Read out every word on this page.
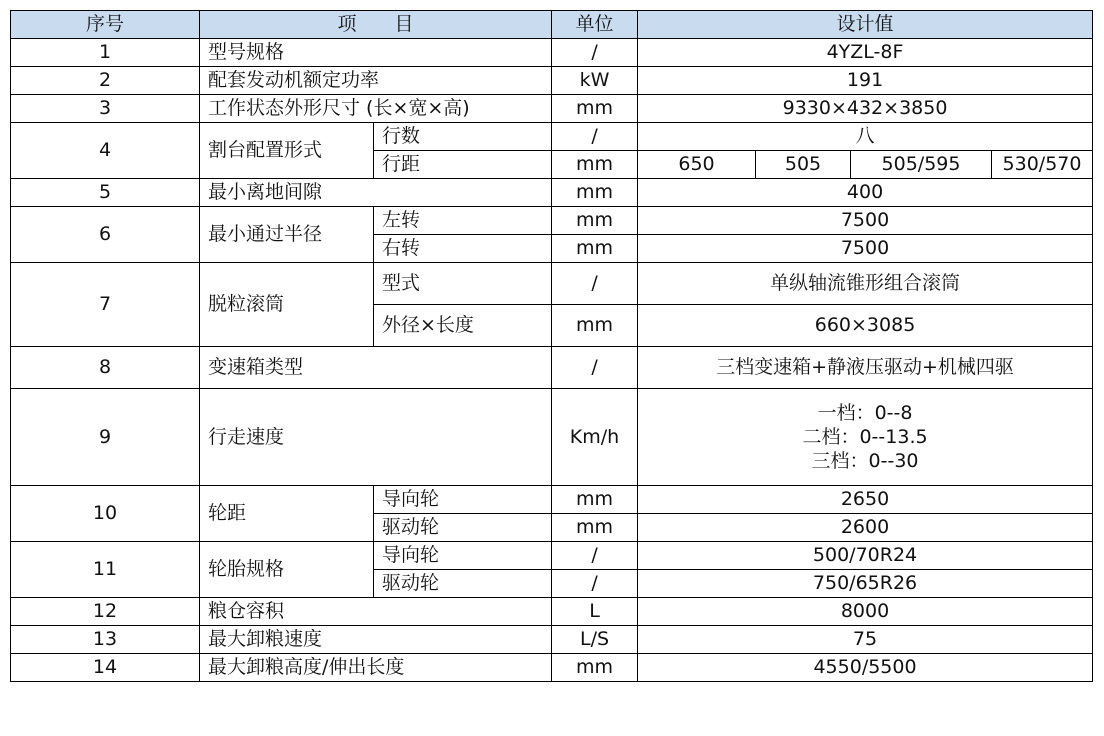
序号	项　　目		单位	设计值			
1	型号规格		/	4YZL-8F			
2	配套发动机额定功率		kW	191			
3	工作状态外形尺寸 (长×宽×高)		mm	9330×432×3850			
4	割台配置形式	行数	/	八			
		行距	mm	650	505	505/595	530/570
5	最小离地间隙		mm	400			
6	最小通过半径	左转	mm	7500			
		右转	mm	7500			
7	脱粒滚筒	型式	/	单纵轴流锥形组合滚筒			
		外径×长度	mm	660×3085			
8	变速箱类型		/	三档变速箱+静液压驱动+机械四驱			
9	行走速度		Km/h	一档：0--8
二档：0--13.5
三档：0--30			

10	轮距	导向轮	mm	2650			
		驱动轮	mm	2600			
11	轮胎规格	导向轮	/	500/70R24			
		驱动轮	/	750/65R26			
12	粮仓容积		L	8000			
13	最大卸粮速度		L/S	75			
14	最大卸粮高度/伸出长度		mm	4550/5500			
